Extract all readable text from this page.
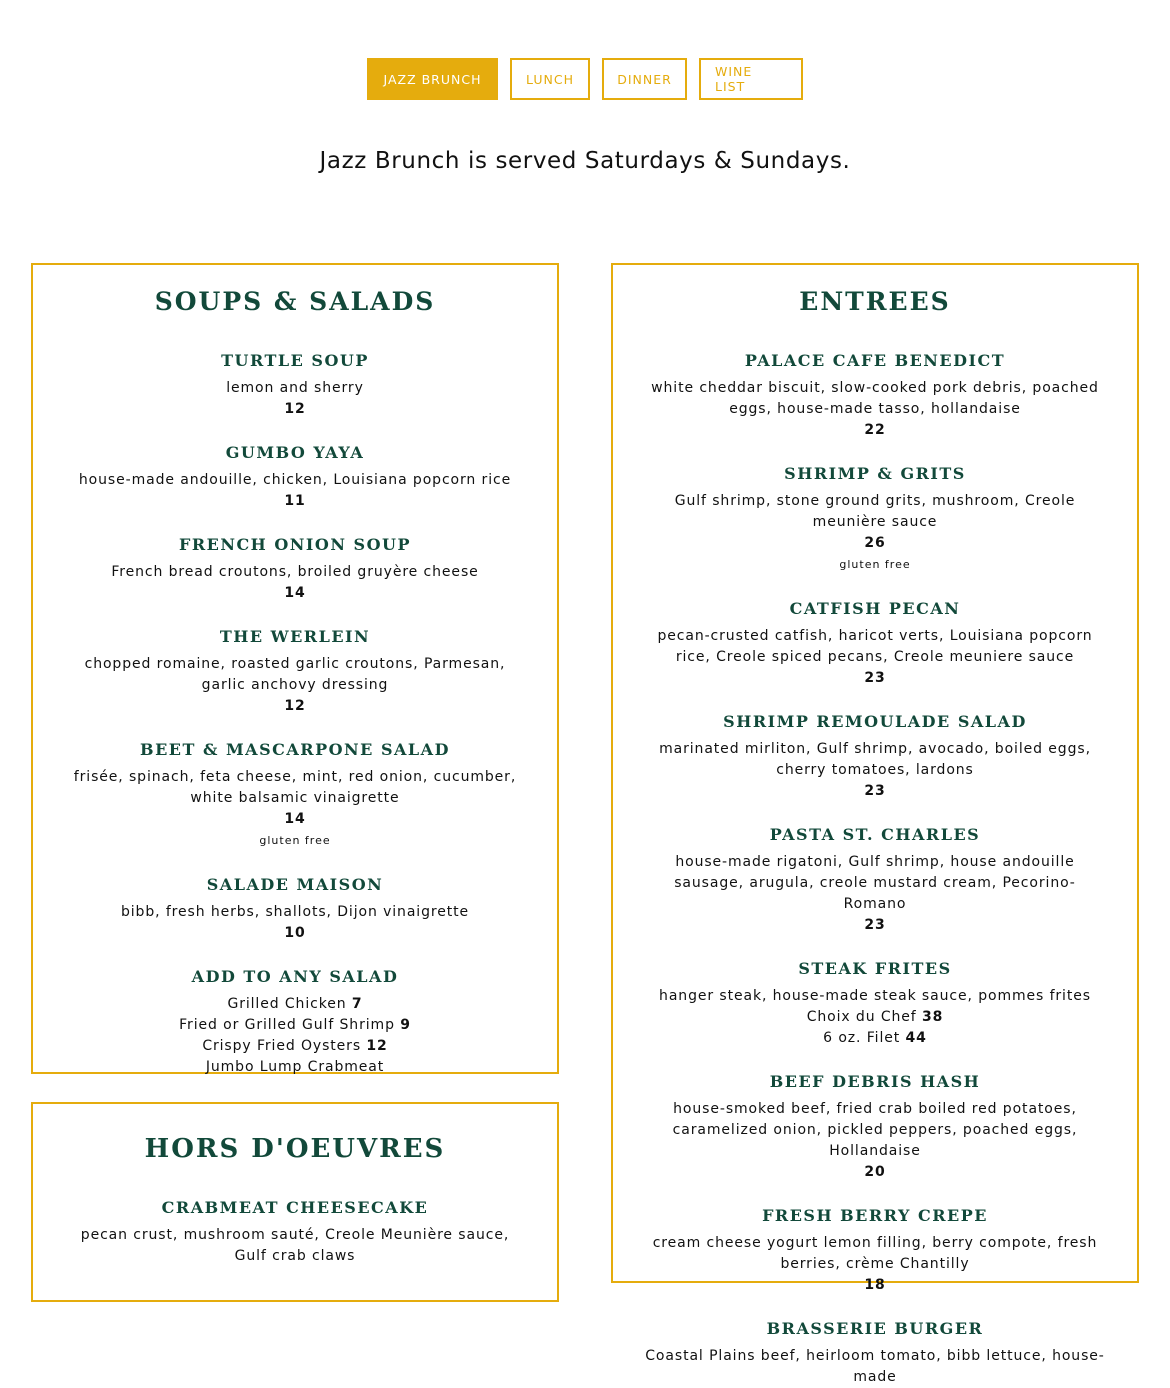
JAZZ BRUNCH	LUNCH	DINNER	WINE LIST
Jazz Brunch is served Saturdays & Sundays.
SOUPS & SALADS
TURTLE SOUP
lemon and sherry
12
GUMBO YAYA
house-made andouille, chicken, Louisiana popcorn rice
11
FRENCH ONION SOUP
French bread croutons, broiled gruyère cheese
14
THE WERLEIN
chopped romaine, roasted garlic croutons, Parmesan, garlic anchovy dressing
12
BEET & MASCARPONE SALAD
frisée, spinach, feta cheese, mint, red onion, cucumber, white balsamic vinaigrette
14
gluten free
SALADE MAISON
bibb, fresh herbs, shallots, Dijon vinaigrette
10
ADD TO ANY SALAD
Grilled Chicken 7
Fried or Grilled Gulf Shrimp 9
Crispy Fried Oysters 12
Jumbo Lump Crabmeat
ENTREES
PALACE CAFE BENEDICT
white cheddar biscuit, slow-cooked pork debris, poached eggs, house-made tasso, hollandaise
22
SHRIMP & GRITS
Gulf shrimp, stone ground grits, mushroom, Creole meunière sauce
26
gluten free
CATFISH PECAN
pecan-crusted catfish, haricot verts, Louisiana popcorn rice, Creole spiced pecans, Creole meuniere sauce
23
SHRIMP REMOULADE SALAD
marinated mirliton, Gulf shrimp, avocado, boiled eggs, cherry tomatoes, lardons
23
PASTA ST. CHARLES
house-made rigatoni, Gulf shrimp, house andouille sausage, arugula, creole mustard cream, Pecorino-Romano
23
STEAK FRITES
hanger steak, house-made steak sauce, pommes frites
Choix du Chef 38
6 oz. Filet 44
BEEF DEBRIS HASH
house-smoked beef, fried crab boiled red potatoes, caramelized onion, pickled peppers, poached eggs, Hollandaise
20
FRESH BERRY CREPE
cream cheese yogurt lemon filling, berry compote, fresh berries, crème Chantilly
18
BRASSERIE BURGER
Coastal Plains beef, heirloom tomato, bibb lettuce, house-made
HORS D'OEUVRES
CRABMEAT CHEESECAKE
pecan crust, mushroom sauté, Creole Meunière sauce, Gulf crab claws
